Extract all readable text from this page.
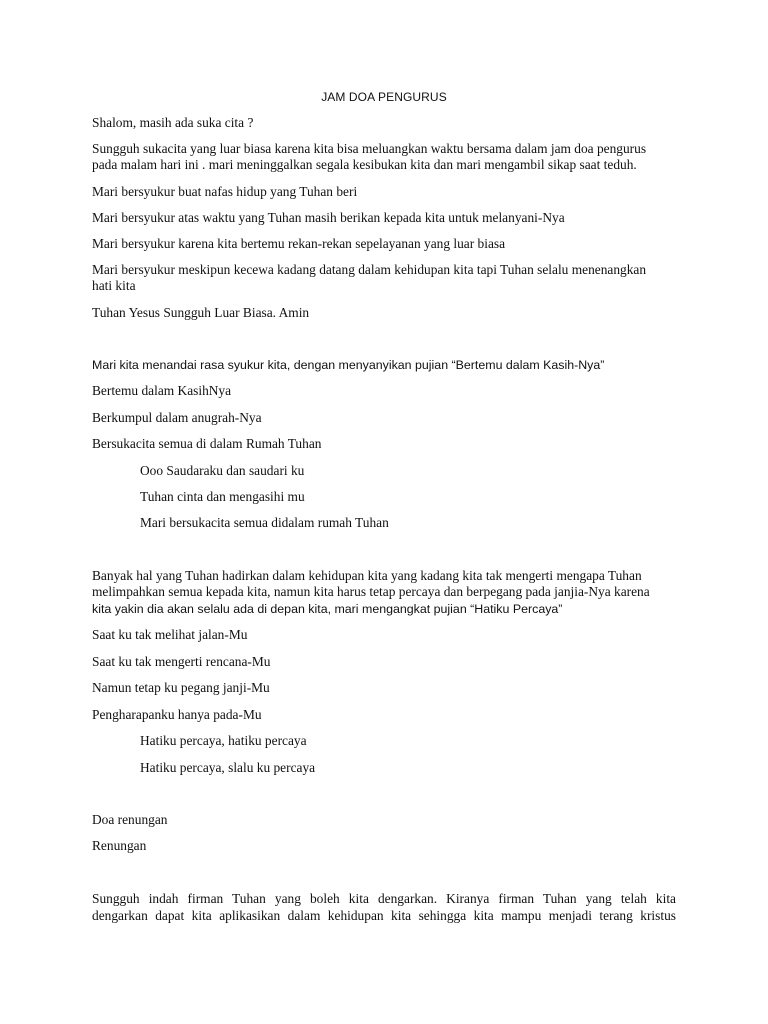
JAM DOA PENGURUS
Shalom, masih ada suka cita ?
Sungguh sukacita yang luar biasa karena kita bisa meluangkan waktu bersama dalam jam doa pengurus
pada malam hari ini . mari meninggalkan segala kesibukan kita dan mari mengambil sikap saat teduh.
Mari bersyukur buat nafas hidup yang Tuhan beri
Mari bersyukur atas waktu yang Tuhan masih berikan kepada kita untuk melanyani-Nya
Mari bersyukur karena kita bertemu rekan-rekan sepelayanan yang luar biasa
Mari bersyukur meskipun kecewa kadang datang dalam kehidupan kita tapi Tuhan selalu menenangkan
hati kita
Tuhan Yesus Sungguh Luar Biasa. Amin
Mari kita menandai rasa syukur kita, dengan menyanyikan pujian “Bertemu dalam Kasih-Nya”
Bertemu dalam KasihNya
Berkumpul dalam anugrah-Nya
Bersukacita semua di dalam Rumah Tuhan
Ooo Saudaraku dan saudari ku
Tuhan cinta dan mengasihi mu
Mari bersukacita semua didalam rumah Tuhan
Banyak hal yang Tuhan hadirkan dalam kehidupan kita yang kadang kita tak mengerti mengapa Tuhan
melimpahkan semua kepada kita, namun kita harus tetap percaya dan berpegang pada janjia-Nya karena
kita yakin dia akan selalu ada di depan kita, mari mengangkat pujian “Hatiku Percaya”
Saat ku tak melihat jalan-Mu
Saat ku tak mengerti rencana-Mu
Namun tetap ku pegang janji-Mu
Pengharapanku hanya pada-Mu
Hatiku percaya, hatiku percaya
Hatiku percaya, slalu ku percaya
Doa renungan
Renungan
Sungguh indah firman Tuhan yang boleh kita dengarkan. Kiranya firman Tuhan yang telah kita
dengarkan dapat kita aplikasikan dalam kehidupan kita sehingga kita mampu menjadi terang kristus
